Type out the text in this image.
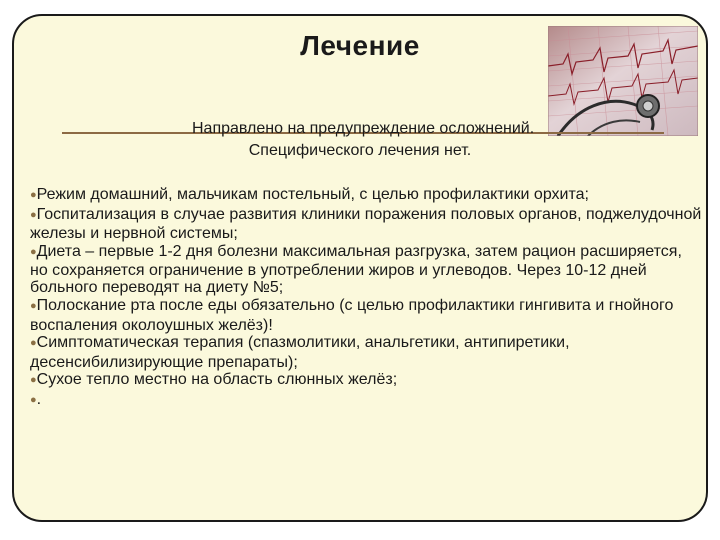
Лечение
Направлено на предупреждение осложнений.
Специфического лечения нет.
●Режим домашний, мальчикам постельный, с целью профилактики орхита;
●Госпитализация в случае развития клиники поражения половых органов, поджелудочной железы и нервной системы;
●Диета – первые 1-2 дня болезни максимальная разгрузка, затем рацион расширяется, но сохраняется ограничение в употреблении жиров и углеводов. Через 10-12 дней больного переводят на диету №5;
●Полоскание рта после еды обязательно (с целью профилактики гингивита и гнойного воспаления околоушных желёз)!
●Симптоматическая терапия (спазмолитики, анальгетики, антипиретики, десенсибилизирующие препараты);
●Сухое тепло местно на область слюнных желёз;
●.
